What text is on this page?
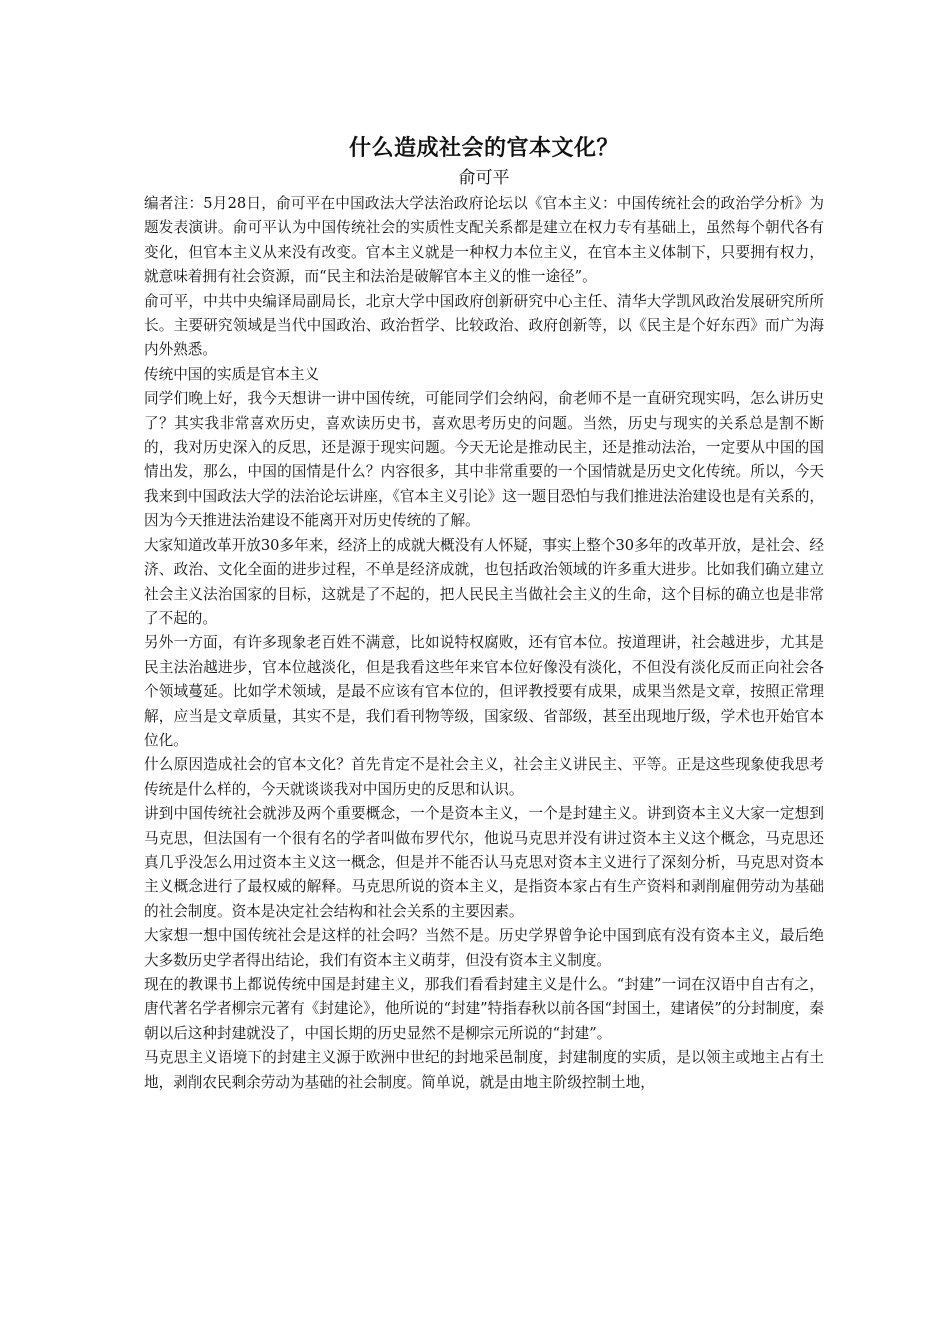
什么造成社会的官本文化？
俞可平

编者注：5月28日，俞可平在中国政法大学法治政府论坛以《官本主义：中国传统社会的政治学分析》为题发表演讲。俞可平认为中国传统社会的实质性支配关系都是建立在权力专有基础上，虽然每个朝代各有变化，但官本主义从来没有改变。官本主义就是一种权力本位主义，在官本主义体制下，只要拥有权力，就意味着拥有社会资源，而“民主和法治是破解官本主义的惟一途径”。

俞可平，中共中央编译局副局长，北京大学中国政府创新研究中心主任、清华大学凯风政治发展研究所所长。主要研究领域是当代中国政治、政治哲学、比较政治、政府创新等，以《民主是个好东西》而广为海内外熟悉。

传统中国的实质是官本主义

同学们晚上好，我今天想讲一讲中国传统，可能同学们会纳闷，俞老师不是一直研究现实吗，怎么讲历史了？其实我非常喜欢历史，喜欢读历史书，喜欢思考历史的问题。当然，历史与现实的关系总是割不断的，我对历史深入的反思，还是源于现实问题。今天无论是推动民主，还是推动法治，一定要从中国的国情出发，那么，中国的国情是什么？内容很多，其中非常重要的一个国情就是历史文化传统。所以，今天我来到中国政法大学的法治论坛讲座，《官本主义引论》这一题目恐怕与我们推进法治建设也是有关系的，因为今天推进法治建设不能离开对历史传统的了解。

大家知道改革开放30多年来，经济上的成就大概没有人怀疑，事实上整个30多年的改革开放，是社会、经济、政治、文化全面的进步过程，不单是经济成就，也包括政治领域的许多重大进步。比如我们确立建立社会主义法治国家的目标，这就是了不起的，把人民民主当做社会主义的生命，这个目标的确立也是非常了不起的。

另外一方面，有许多现象老百姓不满意，比如说特权腐败，还有官本位。按道理讲，社会越进步，尤其是民主法治越进步，官本位越淡化，但是我看这些年来官本位好像没有淡化，不但没有淡化反而正向社会各个领域蔓延。比如学术领域，是最不应该有官本位的，但评教授要有成果，成果当然是文章，按照正常理解，应当是文章质量，其实不是，我们看刊物等级，国家级、省部级，甚至出现地厅级，学术也开始官本位化。

什么原因造成社会的官本文化？首先肯定不是社会主义，社会主义讲民主、平等。正是这些现象使我思考传统是什么样的，今天就谈谈我对中国历史的反思和认识。

讲到中国传统社会就涉及两个重要概念，一个是资本主义，一个是封建主义。讲到资本主义大家一定想到马克思，但法国有一个很有名的学者叫做布罗代尔，他说马克思并没有讲过资本主义这个概念，马克思还真几乎没怎么用过资本主义这一概念，但是并不能否认马克思对资本主义进行了深刻分析，马克思对资本主义概念进行了最权威的解释。马克思所说的资本主义，是指资本家占有生产资料和剥削雇佣劳动为基础的社会制度。资本是决定社会结构和社会关系的主要因素。

大家想一想中国传统社会是这样的社会吗？当然不是。历史学界曾争论中国到底有没有资本主义，最后绝大多数历史学者得出结论，我们有资本主义萌芽，但没有资本主义制度。

现在的教课书上都说传统中国是封建主义，那我们看看封建主义是什么。“封建”一词在汉语中自古有之，唐代著名学者柳宗元著有《封建论》，他所说的“封建”特指春秋以前各国“封国土，建诸侯”的分封制度，秦朝以后这种封建就没了，中国长期的历史显然不是柳宗元所说的“封建”。

马克思主义语境下的封建主义源于欧洲中世纪的封地采邑制度，封建制度的实质，是以领主或地主占有土地，剥削农民剩余劳动为基础的社会制度。简单说，就是由地主阶级控制土地，
